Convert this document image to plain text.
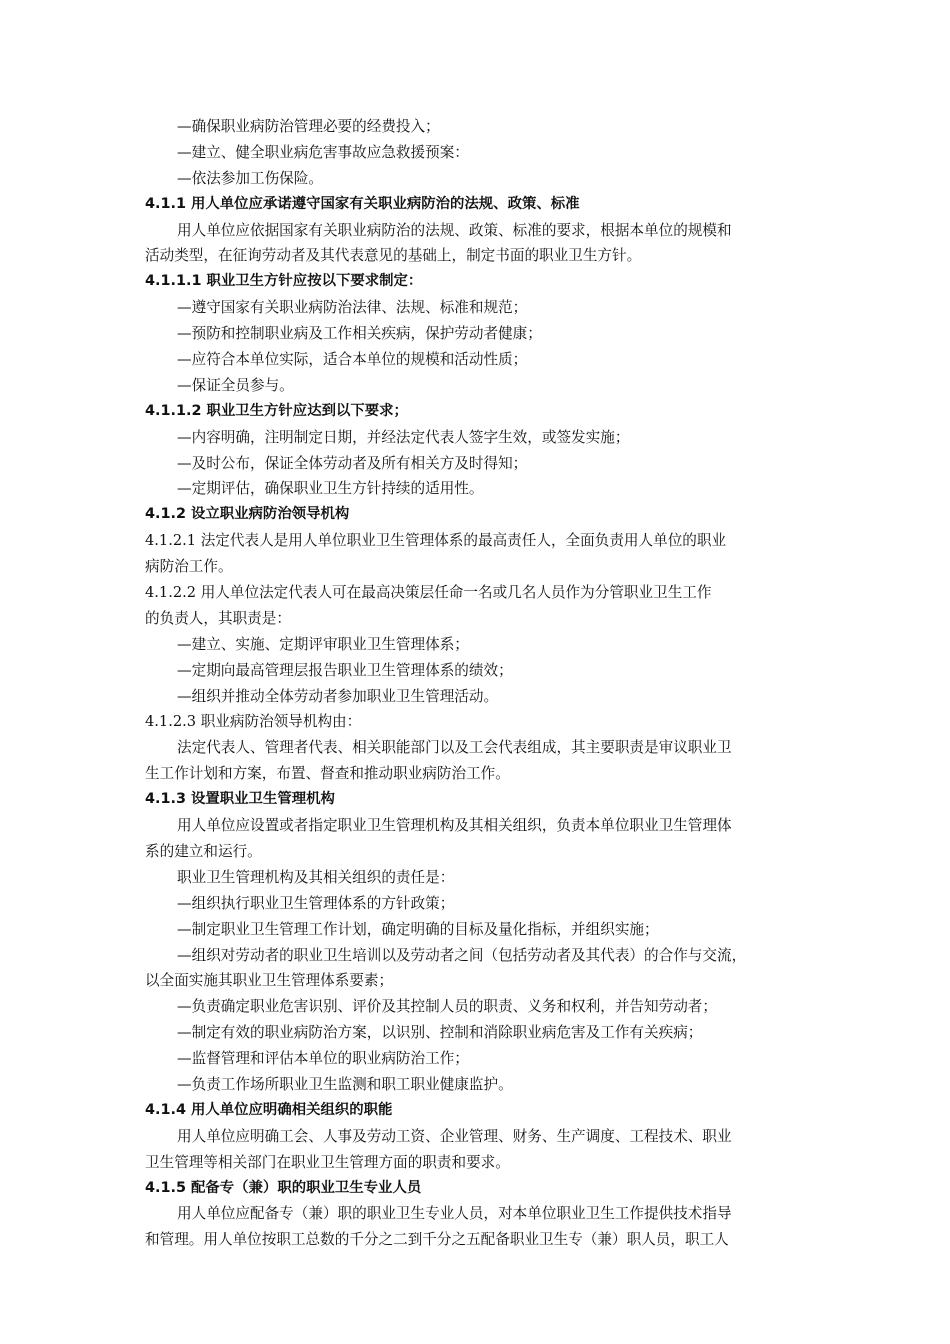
—确保职业病防治管理必要的经费投入；
—建立、健全职业病危害事故应急救援预案：
—依法参加工伤保险。
4.1.1 用人单位应承诺遵守国家有关职业病防治的法规、政策、标准
用人单位应依据国家有关职业病防治的法规、政策、标准的要求，根据本单位的规模和
活动类型，在征询劳动者及其代表意见的基础上，制定书面的职业卫生方针。
4.1.1.1 职业卫生方针应按以下要求制定：
—遵守国家有关职业病防治法律、法规、标准和规范；
—预防和控制职业病及工作相关疾病，保护劳动者健康；
—应符合本单位实际，适合本单位的规模和活动性质；
—保证全员参与。
4.1.1.2 职业卫生方针应达到以下要求；
—内容明确，注明制定日期，并经法定代表人签字生效，或签发实施；
—及时公布，保证全体劳动者及所有相关方及时得知；
—定期评估，确保职业卫生方针持续的适用性。
4.1.2 设立职业病防治领导机构
4.1.2.1 法定代表人是用人单位职业卫生管理体系的最高责任人，全面负责用人单位的职业
病防治工作。
4.1.2.2 用人单位法定代表人可在最高决策层任命一名或几名人员作为分管职业卫生工作
的负责人，其职责是：
—建立、实施、定期评审职业卫生管理体系；
—定期向最高管理层报告职业卫生管理体系的绩效；
—组织并推动全体劳动者参加职业卫生管理活动。
4.1.2.3 职业病防治领导机构由：
法定代表人、管理者代表、相关职能部门以及工会代表组成，其主要职责是审议职业卫
生工作计划和方案，布置、督查和推动职业病防治工作。
4.1.3 设置职业卫生管理机构
用人单位应设置或者指定职业卫生管理机构及其相关组织，负责本单位职业卫生管理体
系的建立和运行。
职业卫生管理机构及其相关组织的责任是：
—组织执行职业卫生管理体系的方针政策；
—制定职业卫生管理工作计划，确定明确的目标及量化指标，并组织实施；
—组织对劳动者的职业卫生培训以及劳动者之间（包括劳动者及其代表）的合作与交流，
以全面实施其职业卫生管理体系要素；
—负责确定职业危害识别、评价及其控制人员的职责、义务和权利，并告知劳动者；
—制定有效的职业病防治方案，以识别、控制和消除职业病危害及工作有关疾病；
—监督管理和评估本单位的职业病防治工作；
—负责工作场所职业卫生监测和职工职业健康监护。
4.1.4 用人单位应明确相关组织的职能
用人单位应明确工会、人事及劳动工资、企业管理、财务、生产调度、工程技术、职业
卫生管理等相关部门在职业卫生管理方面的职责和要求。
4.1.5 配备专（兼）职的职业卫生专业人员
用人单位应配备专（兼）职的职业卫生专业人员，对本单位职业卫生工作提供技术指导
和管理。用人单位按职工总数的千分之二到千分之五配备职业卫生专（兼）职人员，职工人
